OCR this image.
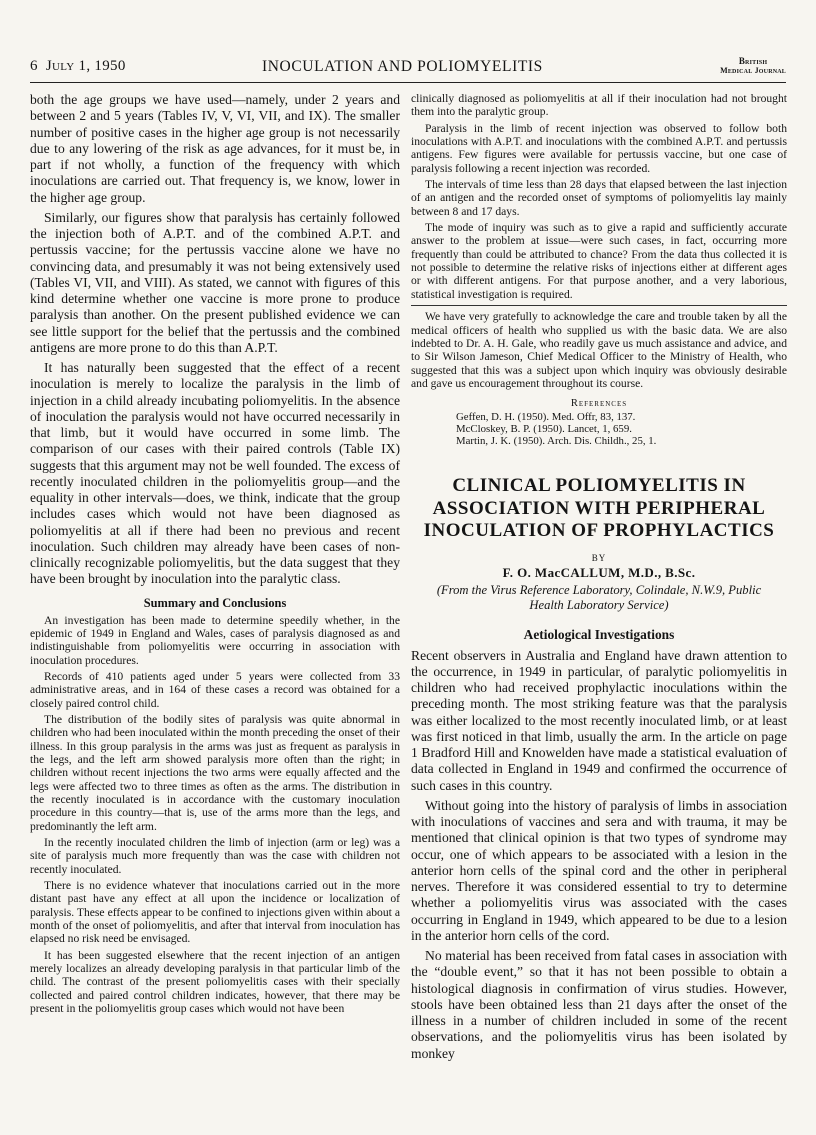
6 July 1, 1950	INOCULATION AND POLIOMYELITIS	British
Medical Journal

both the age groups we have used—namely, under 2 years and between 2 and 5 years (Tables IV, V, VI, VII, and IX). The smaller number of positive cases in the higher age group is not necessarily due to any lowering of the risk as age advances, for it must be, in part if not wholly, a function of the frequency with which inoculations are carried out. That frequency is, we know, lower in the higher age group.

Similarly, our figures show that paralysis has certainly followed the injection both of A.P.T. and of the combined A.P.T. and pertussis vaccine; for the pertussis vaccine alone we have no convincing data, and presumably it was not being extensively used (Tables VI, VII, and VIII). As stated, we cannot with figures of this kind determine whether one vaccine is more prone to produce paralysis than another. On the present published evidence we can see little support for the belief that the pertussis and the combined antigens are more prone to do this than A.P.T.

It has naturally been suggested that the effect of a recent inoculation is merely to localize the paralysis in the limb of injection in a child already incubating poliomyelitis. In the absence of inoculation the paralysis would not have occurred necessarily in that limb, but it would have occurred in some limb. The comparison of our cases with their paired controls (Table IX) suggests that this argument may not be well founded. The excess of recently inoculated children in the poliomyelitis group—and the equality in other intervals—does, we think, indicate that the group includes cases which would not have been diagnosed as poliomyelitis at all if there had been no previous and recent inoculation. Such children may already have been cases of non-clinically recognizable poliomyelitis, but the data suggest that they have been brought by inoculation into the paralytic class.

Summary and Conclusions

An investigation has been made to determine speedily whether, in the epidemic of 1949 in England and Wales, cases of paralysis diagnosed as and indistinguishable from poliomyelitis were occurring in association with inoculation procedures.

Records of 410 patients aged under 5 years were collected from 33 administrative areas, and in 164 of these cases a record was obtained for a closely paired control child.

The distribution of the bodily sites of paralysis was quite abnormal in children who had been inoculated within the month preceding the onset of their illness. In this group paralysis in the arms was just as frequent as paralysis in the legs, and the left arm showed paralysis more often than the right; in children without recent injections the two arms were equally affected and the legs were affected two to three times as often as the arms. The distribution in the recently inoculated is in accordance with the customary inoculation procedure in this country—that is, use of the arms more than the legs, and predominantly the left arm.

In the recently inoculated children the limb of injection (arm or leg) was a site of paralysis much more frequently than was the case with children not recently inoculated.

There is no evidence whatever that inoculations carried out in the more distant past have any effect at all upon the incidence or localization of paralysis. These effects appear to be confined to injections given within about a month of the onset of poliomyelitis, and after that interval from inoculation has elapsed no risk need be envisaged.

It has been suggested elsewhere that the recent injection of an antigen merely localizes an already developing paralysis in that particular limb of the child. The contrast of the present poliomyelitis cases with their specially collected and paired control children indicates, however, that there may be present in the poliomyelitis group cases which would not have been

clinically diagnosed as poliomyelitis at all if their inoculation had not brought them into the paralytic group.

Paralysis in the limb of recent injection was observed to follow both inoculations with A.P.T. and inoculations with the combined A.P.T. and pertussis antigens. Few figures were available for pertussis vaccine, but one case of paralysis following a recent injection was recorded.

The intervals of time less than 28 days that elapsed between the last injection of an antigen and the recorded onset of symptoms of poliomyelitis lay mainly between 8 and 17 days.

The mode of inquiry was such as to give a rapid and sufficiently accurate answer to the problem at issue—were such cases, in fact, occurring more frequently than could be attributed to chance? From the data thus collected it is not possible to determine the relative risks of injections either at different ages or with different antigens. For that purpose another, and a very laborious, statistical investigation is required.

We have very gratefully to acknowledge the care and trouble taken by all the medical officers of health who supplied us with the basic data. We are also indebted to Dr. A. H. Gale, who readily gave us much assistance and advice, and to Sir Wilson Jameson, Chief Medical Officer to the Ministry of Health, who suggested that this was a subject upon which inquiry was obviously desirable and gave us encouragement throughout its course.

References
Geffen, D. H. (1950). Med. Offr, 83, 137.
McCloskey, B. P. (1950). Lancet, 1, 659.
Martin, J. K. (1950). Arch. Dis. Childh., 25, 1.
CLINICAL POLIOMYELITIS IN ASSOCIATION WITH PERIPHERAL INOCULATION OF PROPHYLACTICS
BY
F. O. MacCALLUM, M.D., B.Sc.
(From the Virus Reference Laboratory, Colindale, N.W.9, Public Health Laboratory Service)
Aetiological Investigations

Recent observers in Australia and England have drawn attention to the occurrence, in 1949 in particular, of paralytic poliomyelitis in children who had received prophylactic inoculations within the preceding month. The most striking feature was that the paralysis was either localized to the most recently inoculated limb, or at least was first noticed in that limb, usually the arm. In the article on page 1 Bradford Hill and Knowelden have made a statistical evaluation of data collected in England in 1949 and confirmed the occurrence of such cases in this country.

Without going into the history of paralysis of limbs in association with inoculations of vaccines and sera and with trauma, it may be mentioned that clinical opinion is that two types of syndrome may occur, one of which appears to be associated with a lesion in the anterior horn cells of the spinal cord and the other in peripheral nerves. Therefore it was considered essential to try to determine whether a poliomyelitis virus was associated with the cases occurring in England in 1949, which appeared to be due to a lesion in the anterior horn cells of the cord.

No material has been received from fatal cases in association with the “double event,” so that it has not been possible to obtain a histological diagnosis in confirmation of virus studies. However, stools have been obtained less than 21 days after the onset of the illness in a number of children included in some of the recent observations, and the poliomyelitis virus has been isolated by monkey
